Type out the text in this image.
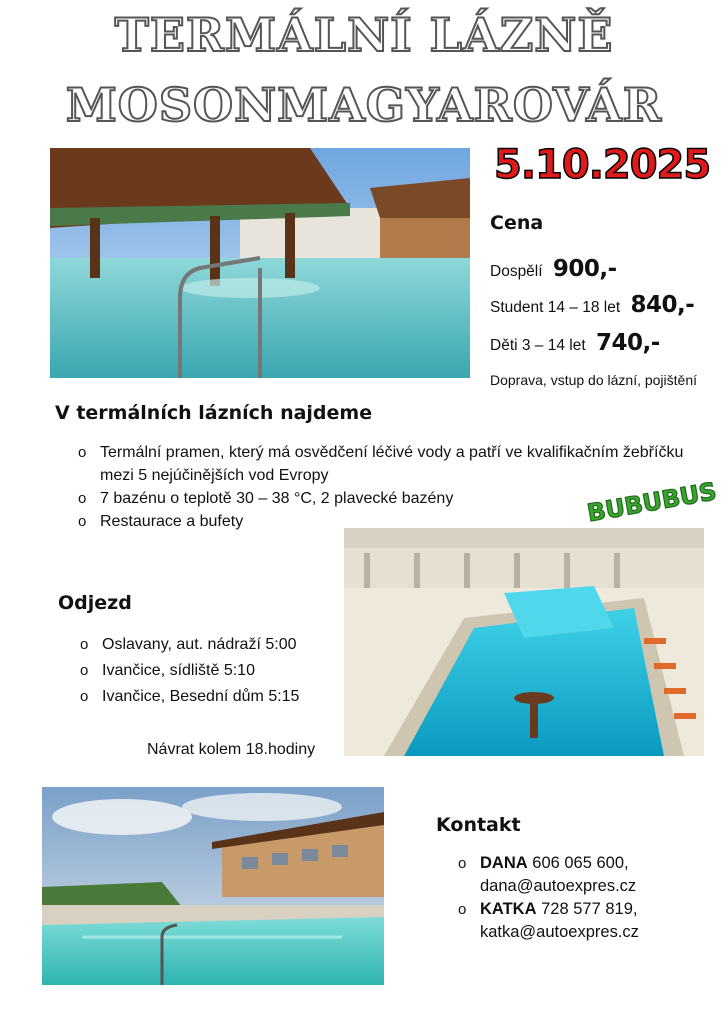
TERMÁLNÍ LÁZNĚ
MOSONMAGYAROVÁR
5.10.2025
Cena
Dospělí 900,-
Student 14 – 18 let 840,-
Děti 3 – 14 let 740,-
Doprava, vstup do lázní, pojištění
V termálních lázních najdeme
o Termální pramen, který má osvědčení léčivé vody a patří ve kvalifikačním žebříčku mezi 5 nejúčinějších vod Evropy
o 7 bazénu o teplotě 30 – 38 °C, 2 plavecké bazény
o Restaurace a bufety	BUBUBUS
Odjezd
o Oslavany, aut. nádraží 5:00
o Ivančice, sídliště 5:10
o Ivančice, Besední dům 5:15
Návrat kolem 18.hodiny
Kontakt
o DANA 606 065 600,
dana@autoexpres.cz
o KATKA 728 577 819,
katka@autoexpres.cz
